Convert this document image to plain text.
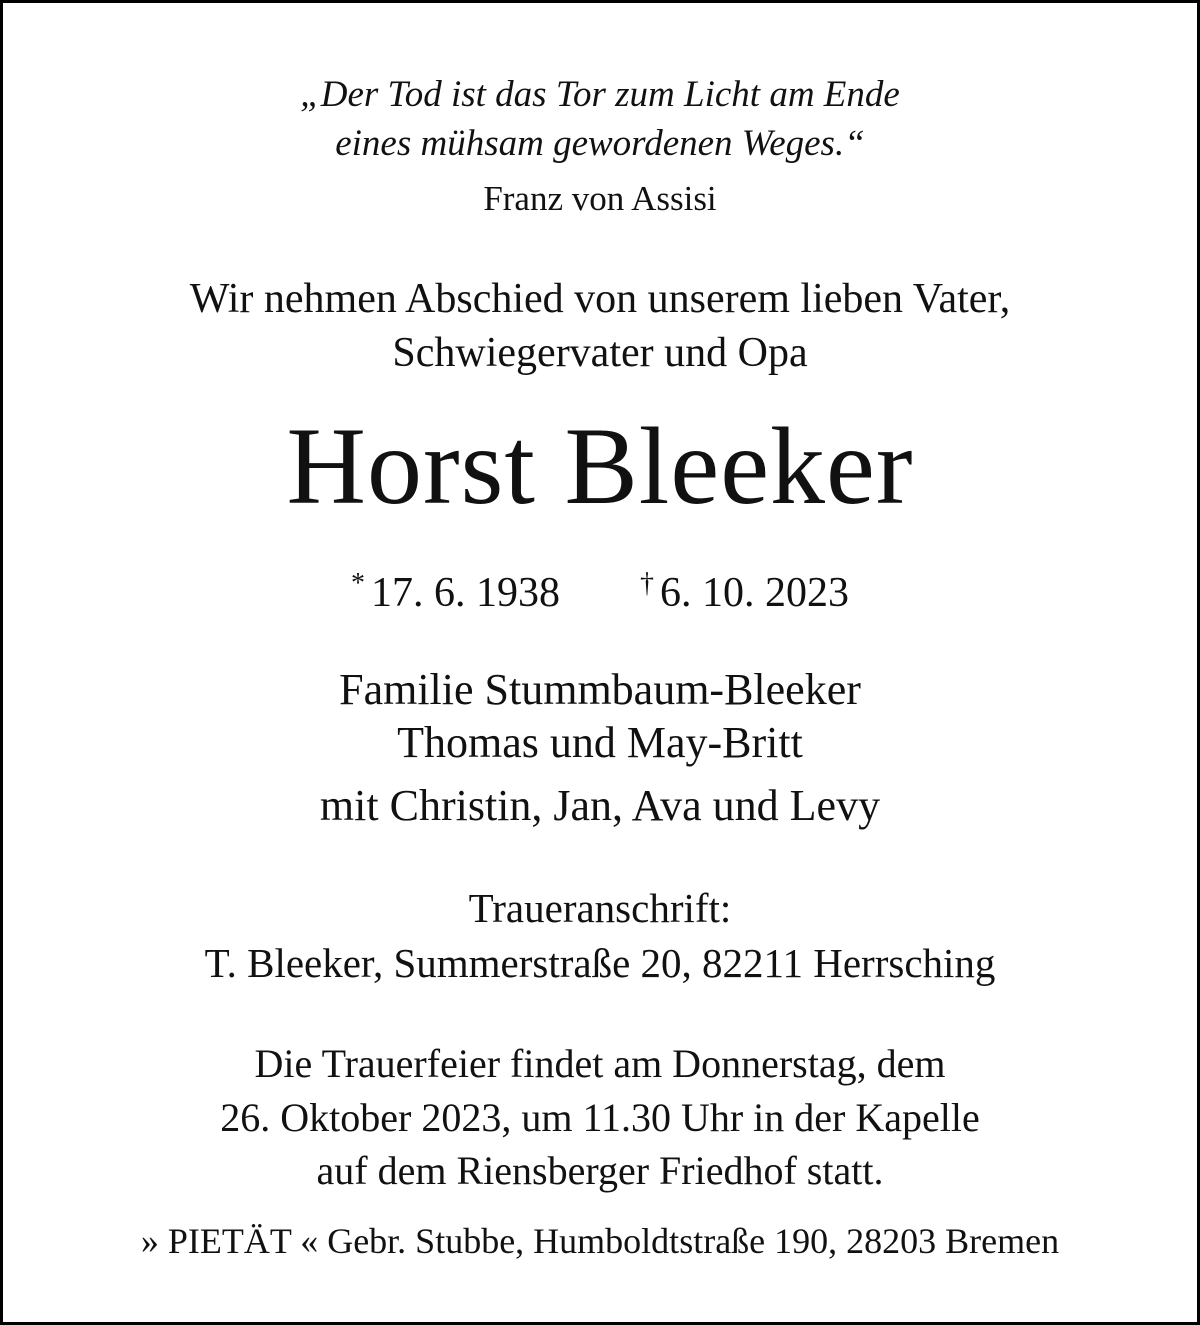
„Der Tod ist das Tor zum Licht am Ende
eines mühsam gewordenen Weges.“
Franz von Assisi
Wir nehmen Abschied von unserem lieben Vater,
Schwiegervater und Opa
Horst Bleeker
* 17. 6. 1938	† 6. 10. 2023
Familie Stummbaum-Bleeker
Thomas und May-Britt
mit Christin, Jan, Ava und Levy
Traueranschrift:
T. Bleeker, Summerstraße 20, 82211 Herrsching
Die Trauerfeier findet am Donnerstag, dem
26. Oktober 2023, um 11.30 Uhr in der Kapelle
auf dem Riensberger Friedhof statt.
» PIETÄT « Gebr. Stubbe, Humboldtstraße 190, 28203 Bremen
